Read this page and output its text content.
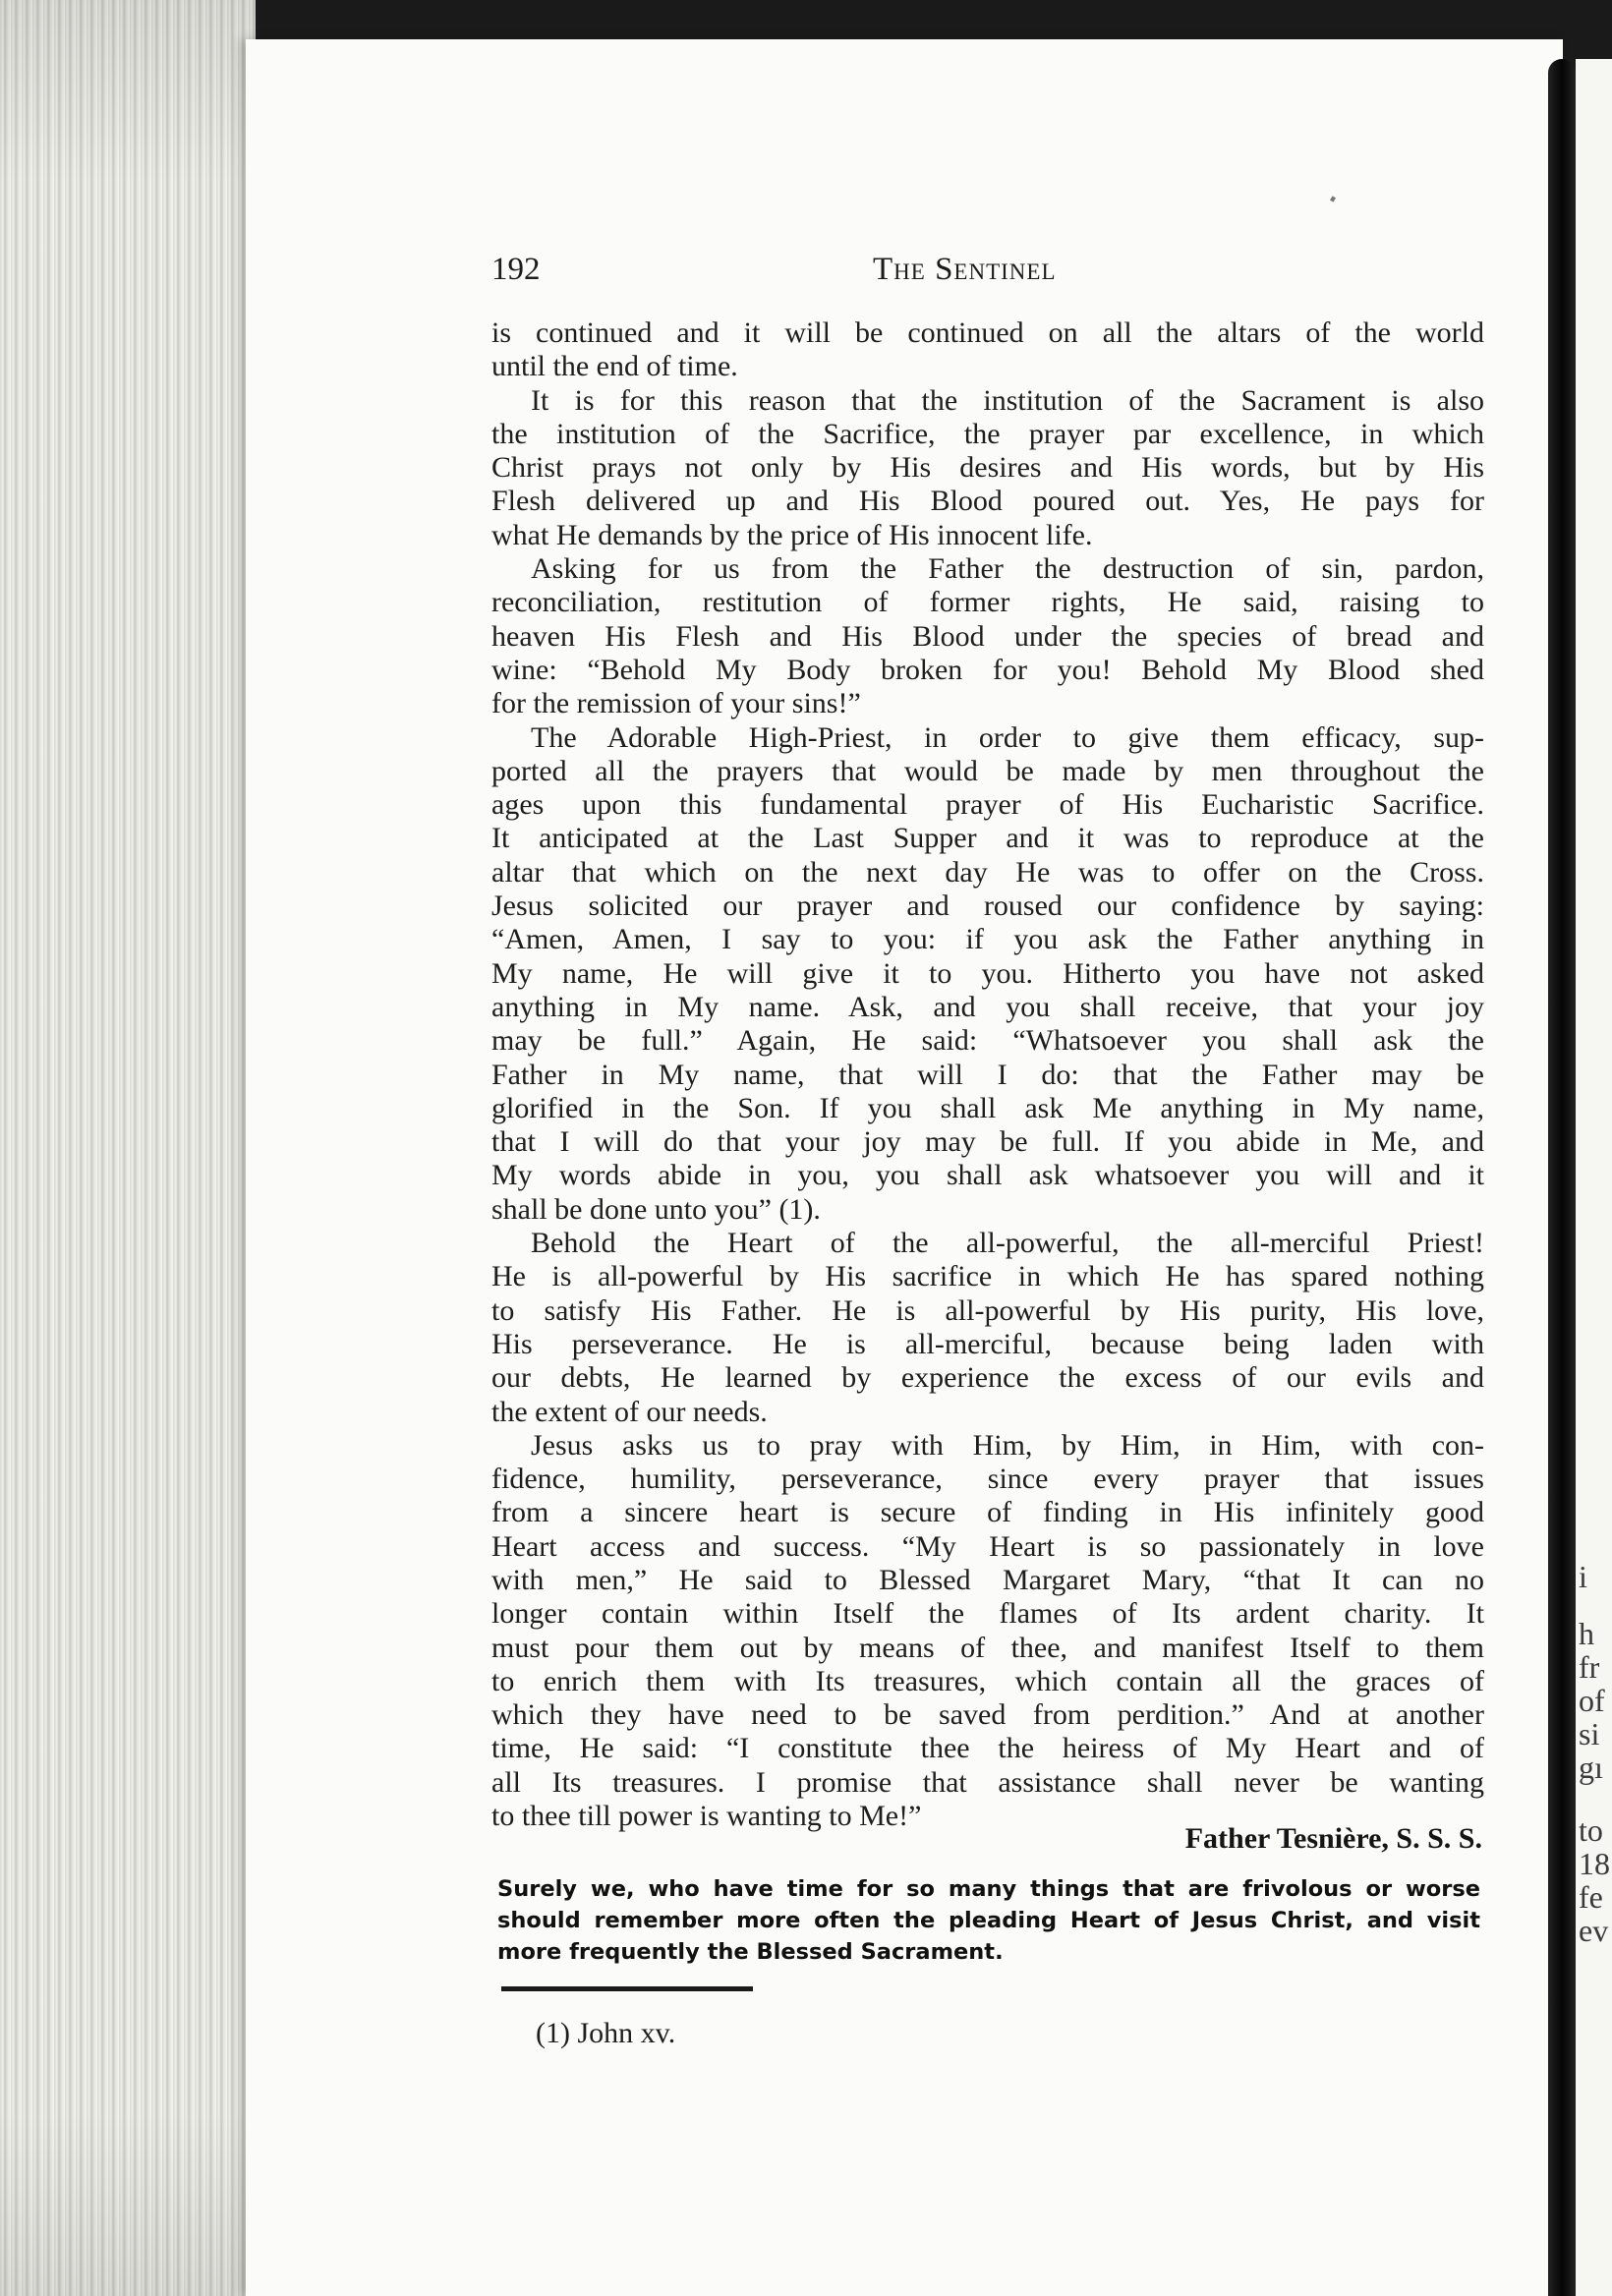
i
h
fr
of
si
gı
to
18
fe
ev
192	The Sentinel
is continued and it will be continued on all the altars of the world
until the end of time.
It is for this reason that the institution of the Sacrament is also
the institution of the Sacrifice, the prayer par excellence, in which
Christ prays not only by His desires and His words, but by His
Flesh delivered up and His Blood poured out. Yes, He pays for
what He demands by the price of His innocent life.
Asking for us from the Father the destruction of sin, pardon,
reconciliation, restitution of former rights, He said, raising to
heaven His Flesh and His Blood under the species of bread and
wine: “Behold My Body broken for you! Behold My Blood shed
for the remission of your sins!”
The Adorable High-Priest, in order to give them efficacy, sup-
ported all the prayers that would be made by men throughout the
ages upon this fundamental prayer of His Eucharistic Sacrifice.
It anticipated at the Last Supper and it was to reproduce at the
altar that which on the next day He was to offer on the Cross.
Jesus solicited our prayer and roused our confidence by saying:
“Amen, Amen, I say to you: if you ask the Father anything in
My name, He will give it to you. Hitherto you have not asked
anything in My name. Ask, and you shall receive, that your joy
may be full.” Again, He said: “Whatsoever you shall ask the
Father in My name, that will I do: that the Father may be
glorified in the Son. If you shall ask Me anything in My name,
that I will do that your joy may be full. If you abide in Me, and
My words abide in you, you shall ask whatsoever you will and it
shall be done unto you” (1).
Behold the Heart of the all-powerful, the all-merciful Priest!
He is all-powerful by His sacrifice in which He has spared nothing
to satisfy His Father. He is all-powerful by His purity, His love,
His perseverance. He is all-merciful, because being laden with
our debts, He learned by experience the excess of our evils and
the extent of our needs.
Jesus asks us to pray with Him, by Him, in Him, with con-
fidence, humility, perseverance, since every prayer that issues
from a sincere heart is secure of finding in His infinitely good
Heart access and success. “My Heart is so passionately in love
with men,” He said to Blessed Margaret Mary, “that It can no
longer contain within Itself the flames of Its ardent charity. It
must pour them out by means of thee, and manifest Itself to them
to enrich them with Its treasures, which contain all the graces of
which they have need to be saved from perdition.” And at another
time, He said: “I constitute thee the heiress of My Heart and of
all Its treasures. I promise that assistance shall never be wanting
to thee till power is wanting to Me!”
Father Tesnière, S. S. S.
Surely we, who have time for so many things that are frivolous or worse
should remember more often the pleading Heart of Jesus Christ, and visit
more frequently the Blessed Sacrament.
(1) John xv.
